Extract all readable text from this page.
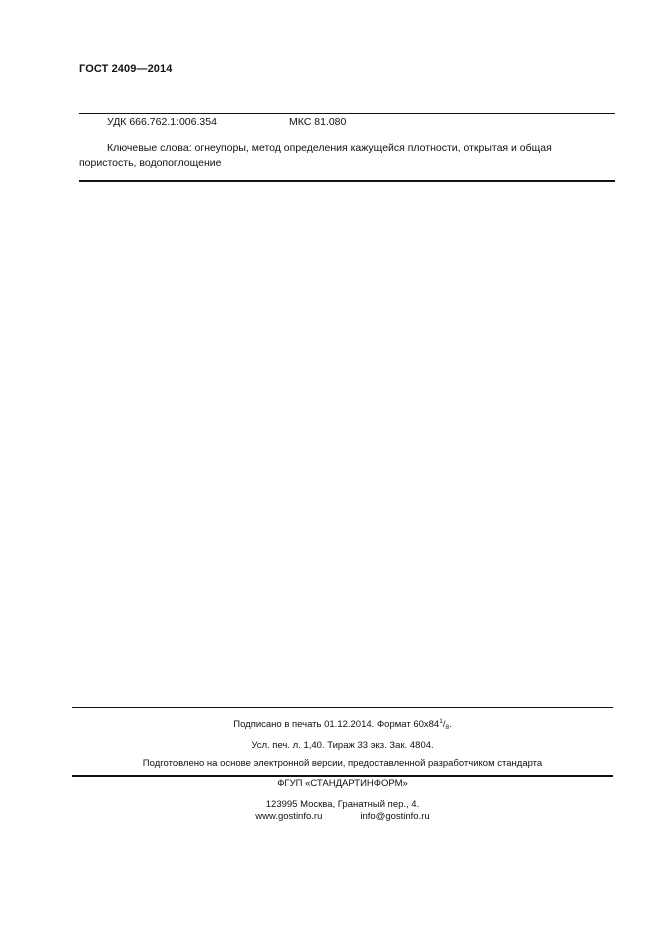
ГОСТ 2409—2014
УДК 666.762.1:006.354	МКС 81.080
Ключевые слова: огнеупоры, метод определения кажущейся плотности, открытая и общая пористость, водопоглощение
Подписано в печать 01.12.2014. Формат $60х84^1/_8$.
Усл. печ. л. 1,40. Тираж 33 экз. Зак. 4804.
Подготовлено на основе электронной версии, предоставленной разработчиком стандарта
ФГУП «СТАНДАРТИНФОРМ»
123995 Москва, Гранатный пер., 4.
www.gostinfo.ru	info@gostinfo.ru
